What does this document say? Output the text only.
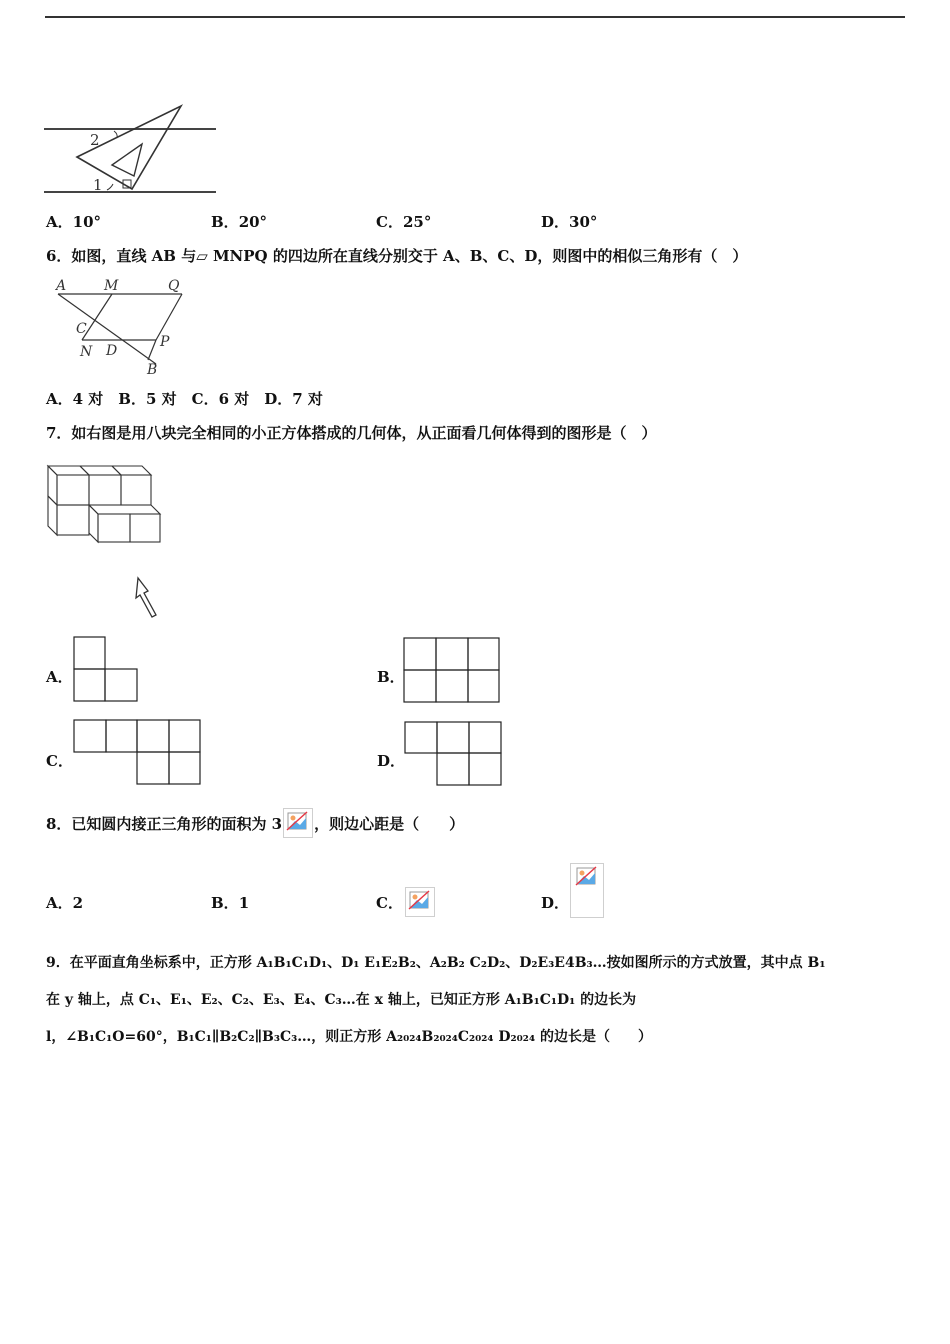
2
1
A．10°	B．20°	C．25°	D．30°
6．如图，直线 AB 与▱ MNPQ 的四边所在直线分别交于 A、B、C、D，则图中的相似三角形有（　）
A	M	Q
C
N D
P
B
A．4 对　B．5 对　C．6 对　D．7 对
7．如右图是用八块完全相同的小正方体搭成的几何体，从正面看几何体得到的图形是（　）
A．	B．
C．	D．
8．已知圆内接正三角形的面积为 3 ，则边心距是（　　）
A．2	B．1	C．	D．
9．在平面直角坐标系中，正方形 A₁B₁C₁D₁、D₁ E₁E₂B₂、A₂B₂ C₂D₂、D₂E₃E4B₃…按如图所示的方式放置，其中点 B₁
在 y 轴上，点 C₁、E₁、E₂、C₂、E₃、E₄、C₃…在 x 轴上，已知正方形 A₁B₁C₁D₁ 的边长为
l，∠B₁C₁O=60°，B₁C₁∥B₂C₂∥B₃C₃…，则正方形 A₂₀₂₄B₂₀₂₄C₂₀₂₄ D₂₀₂₄ 的边长是（　　）
